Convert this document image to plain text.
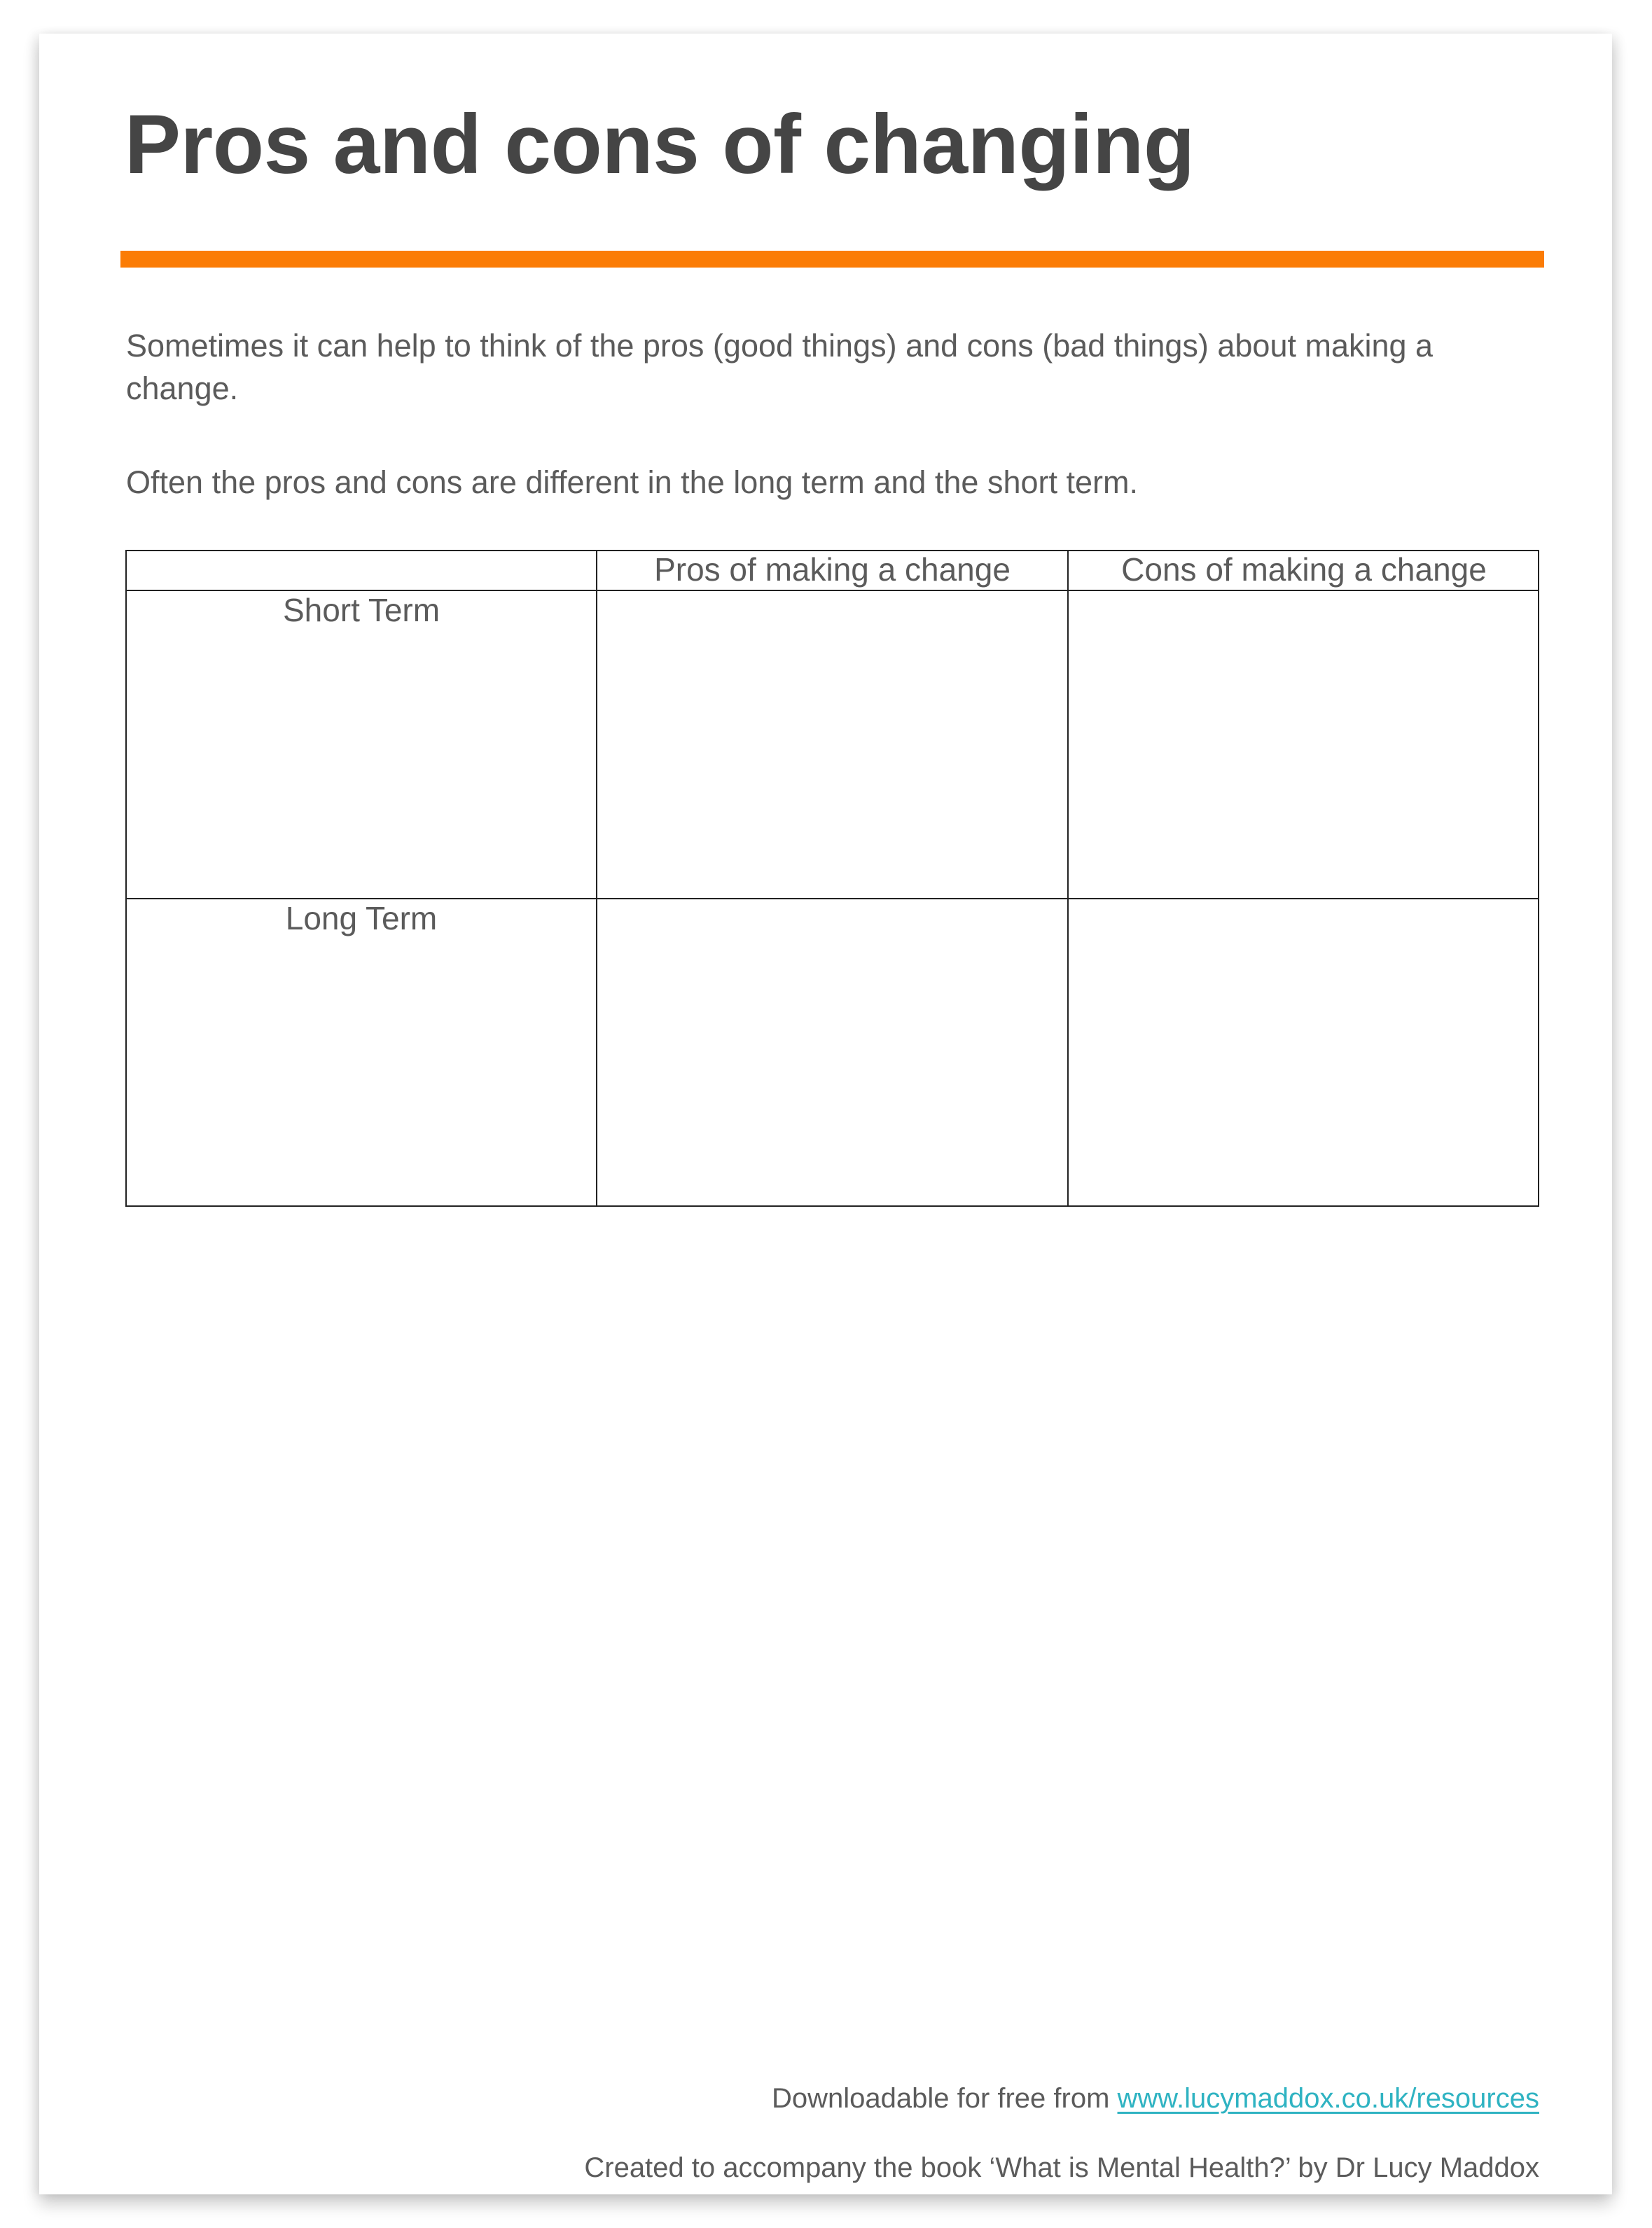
Pros and cons of changing

Sometimes it can help to think of the pros (good things) and cons (bad things) about making a change.

Often the pros and cons are different in the long term and the short term.

Pros of making a change	Cons of making a change
Short Term
Long Term

Downloadable for free from www.lucymaddox.co.uk/resources

Created to accompany the book ‘What is Mental Health?’ by Dr Lucy Maddox
